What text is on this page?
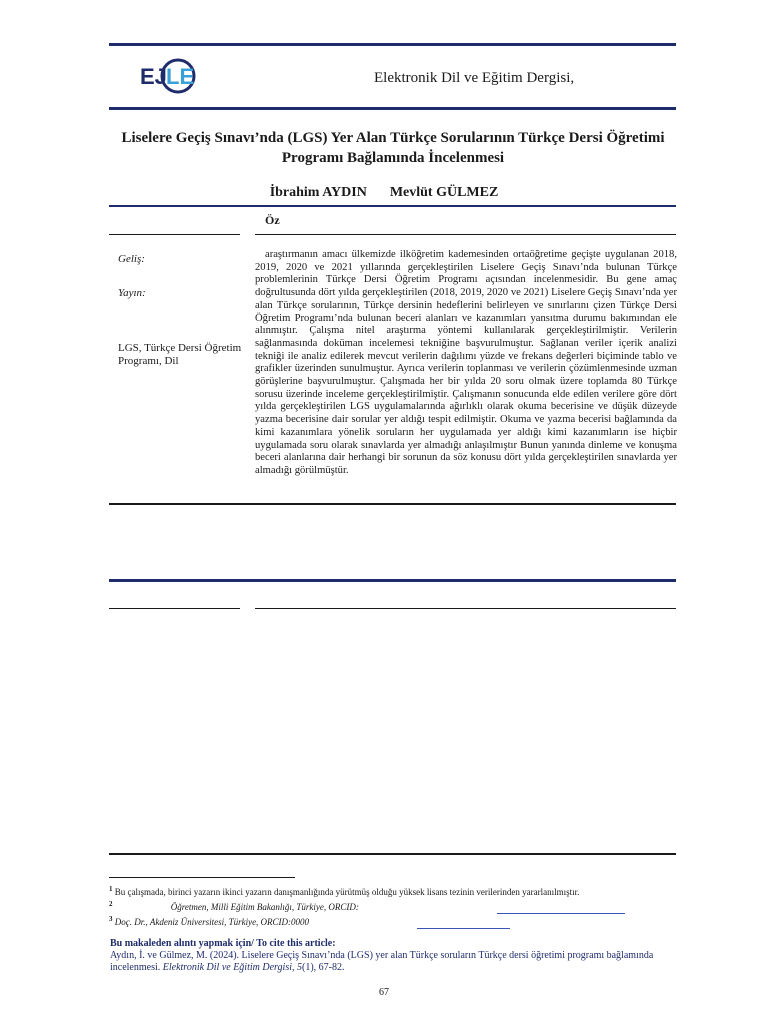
EJ LE	Elektronik Dil ve Eğitim Dergisi,
Liselere Geçiş Sınavı’nda (LGS) Yer Alan Türkçe Sorularının Türkçe Dersi Öğretimi
Programı Bağlamında İncelenmesi
İbrahim AYDIN Mevlüt GÜLMEZ
Öz
Geliş:
Yayın:
LGS, Türkçe Dersi Öğretim Programı, Dil
araştırmanın amacı ülkemizde ilköğretim kademesinden ortaöğretime geçişte uygulanan 2018, 2019, 2020 ve 2021 yıllarında gerçekleştirilen Liselere Geçiş Sınavı’nda bulunan Türkçe problemlerinin Türkçe Dersi Öğretim Programı açısından incelenmesidir. Bu gene amaç doğrultusunda dört yılda gerçekleştirilen (2018, 2019, 2020 ve 2021) Liselere Geçiş Sınavı’nda yer alan Türkçe sorularının, Türkçe dersinin hedeflerini belirleyen ve sınırlarını çizen Türkçe Dersi Öğretim Programı’nda bulunan beceri alanları ve kazanımları yansıtma durumu bakımından ele alınmıştır. Çalışma nitel araştırma yöntemi kullanılarak gerçekleştirilmiştir. Verilerin sağlanmasında doküman incelemesi tekniğine başvurulmuştur. Sağlanan veriler içerik analizi tekniği ile analiz edilerek mevcut verilerin dağılımı yüzde ve frekans değerleri biçiminde tablo ve grafikler üzerinden sunulmuştur. Ayrıca verilerin toplanması ve verilerin çözümlenmesinde uzman görüşlerine başvurulmuştur. Çalışmada her bir yılda 20 soru olmak üzere toplamda 80 Türkçe sorusu üzerinde inceleme gerçekleştirilmiştir. Çalışmanın sonucunda elde edilen verilere göre dört yılda gerçekleştirilen LGS uygulamalarında ağırlıklı olarak okuma becerisine ve düşük düzeyde yazma becerisine dair sorular yer aldığı tespit edilmiştir. Okuma ve yazma becerisi bağlamında da kimi kazanımlara yönelik soruların her uygulamada yer aldığı kimi kazanımların ise hiçbir uygulamada soru olarak sınavlarda yer almadığı anlaşılmıştır Bunun yanında dinleme ve konuşma beceri alanlarına dair herhangi bir sorunun da söz konusu dört yılda gerçekleştirilen sınavlarda yer almadığı görülmüştür.
$^1$ Bu çalışmada, birinci yazarın ikinci yazarın danışmanlığında yürütmüş olduğu yüksek lisans tezinin verilerinden yararlanılmıştır.
$^2$	Öğretmen, Milli Eğitim Bakanlığı, Türkiye, ORCID:
$^3$ Doç. Dr., Akdeniz Üniversitesi, Türkiye, ORCID:0000
Bu makaleden alıntı yapmak için/ To cite this article:
Aydın, İ. ve Gülmez, M. (2024). Liselere Geçiş Sınavı’nda (LGS) yer alan Türkçe soruların Türkçe dersi öğretimi programı bağlamında incelenmesi. Elektronik Dil ve Eğitim Dergisi, 5(1), 67-82.
67
